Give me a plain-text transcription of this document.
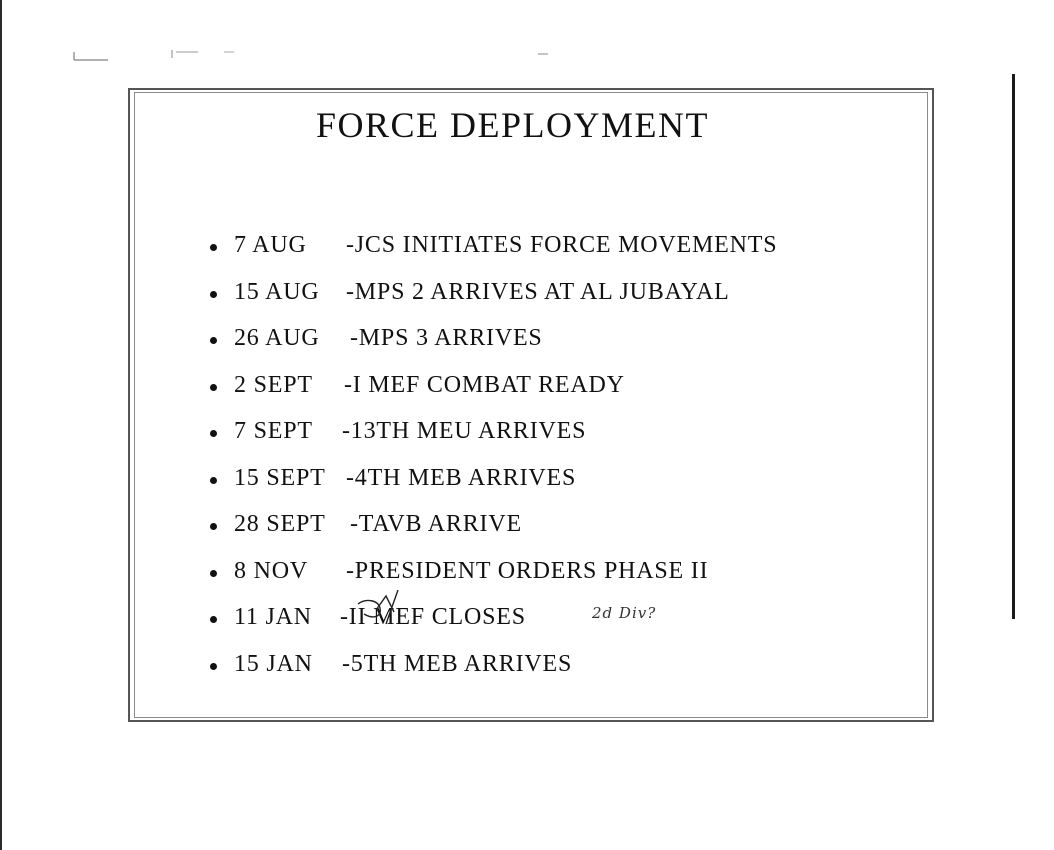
FORCE DEPLOYMENT
7 AUG -JCS INITIATES FORCE MOVEMENTS
15 AUG -MPS 2 ARRIVES AT AL JUBAYAL
26 AUG -MPS 3 ARRIVES
2 SEPT -I MEF COMBAT READY
7 SEPT -13TH MEU ARRIVES
15 SEPT -4TH MEB ARRIVES
28 SEPT -TAVB ARRIVE
8 NOV -PRESIDENT ORDERS PHASE II
11 JAN -II MEF CLOSES
15 JAN -5TH MEB ARRIVES
2d Div?
